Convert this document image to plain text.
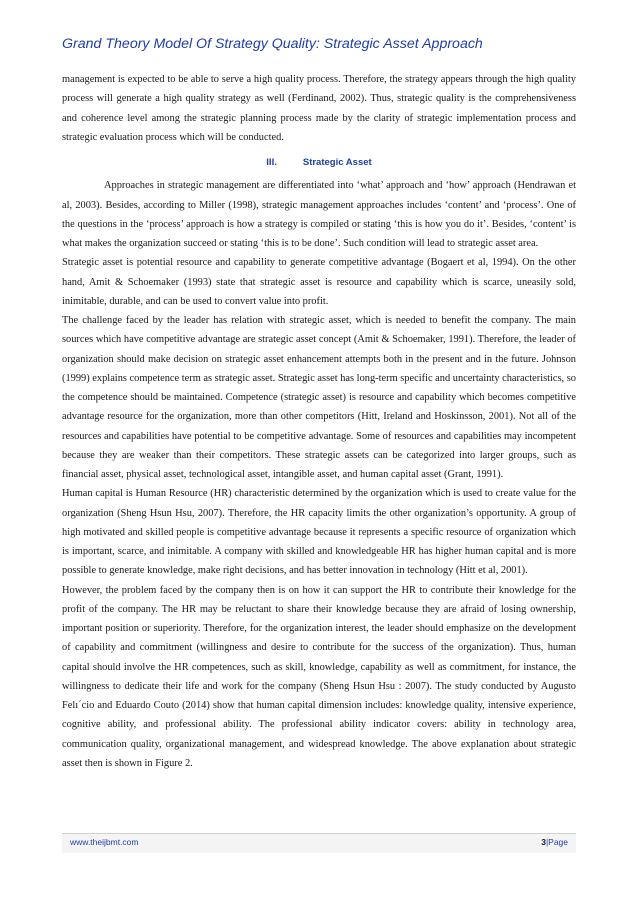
Grand Theory Model Of Strategy Quality: Strategic Asset Approach

management is expected to be able to serve a high quality process. Therefore, the strategy appears through the high quality process will generate a high quality strategy as well (Ferdinand, 2002). Thus, strategic quality is the comprehensiveness and coherence level among the strategic planning process made by the clarity of strategic implementation process and strategic evaluation process which will be conducted.

III.	Strategic Asset

Approaches in strategic management are differentiated into ‘what’ approach and ‘how’ approach (Hendrawan et al, 2003). Besides, according to Miller (1998), strategic management approaches includes ‘content’ and ‘process’. One of the questions in the ‘process’ approach is how a strategy is compiled or stating ‘this is how you do it’. Besides, ‘content’ is what makes the organization succeed or stating ‘this is to be done’. Such condition will lead to strategic asset area.

Strategic asset is potential resource and capability to generate competitive advantage (Bogaert et al, 1994). On the other hand, Amit & Schoemaker (1993) state that strategic asset is resource and capability which is scarce, uneasily sold, inimitable, durable, and can be used to convert value into profit.

The challenge faced by the leader has relation with strategic asset, which is needed to benefit the company. The main sources which have competitive advantage are strategic asset concept (Amit & Schoemaker, 1991). Therefore, the leader of organization should make decision on strategic asset enhancement attempts both in the present and in the future. Johnson (1999) explains competence term as strategic asset. Strategic asset has long-term specific and uncertainty characteristics, so the competence should be maintained. Competence (strategic asset) is resource and capability which becomes competitive advantage resource for the organization, more than other competitors (Hitt, Ireland and Hoskinsson, 2001). Not all of the resources and capabilities have potential to be competitive advantage. Some of resources and capabilities may incompetent because they are weaker than their competitors. These strategic assets can be categorized into larger groups, such as financial asset, physical asset, technological asset, intangible asset, and human capital asset (Grant, 1991).

Human capital is Human Resource (HR) characteristic determined by the organization which is used to create value for the organization (Sheng Hsun Hsu, 2007). Therefore, the HR capacity limits the other organization’s opportunity. A group of high motivated and skilled people is competitive advantage because it represents a specific resource of organization which is important, scarce, and inimitable. A company with skilled and knowledgeable HR has higher human capital and is more possible to generate knowledge, make right decisions, and has better innovation in technology (Hitt et al, 2001).

However, the problem faced by the company then is on how it can support the HR to contribute their knowledge for the profit of the company. The HR may be reluctant to share their knowledge because they are afraid of losing ownership, important position or superiority. Therefore, for the organization interest, the leader should emphasize on the development of capability and commitment (willingness and desire to contribute for the success of the organization). Thus, human capital should involve the HR competences, such as skill, knowledge, capability as well as commitment, for instance, the willingness to dedicate their life and work for the company (Sheng Hsun Hsu : 2007). The study conducted by Augusto Felı´cio and Eduardo Couto (2014) show that human capital dimension includes: knowledge quality, intensive experience, cognitive ability, and professional ability. The professional ability indicator covers: ability in technology area, communication quality, organizational management, and widespread knowledge. The above explanation about strategic asset then is shown in Figure 2.

www.theijbmt.com	3|Page
